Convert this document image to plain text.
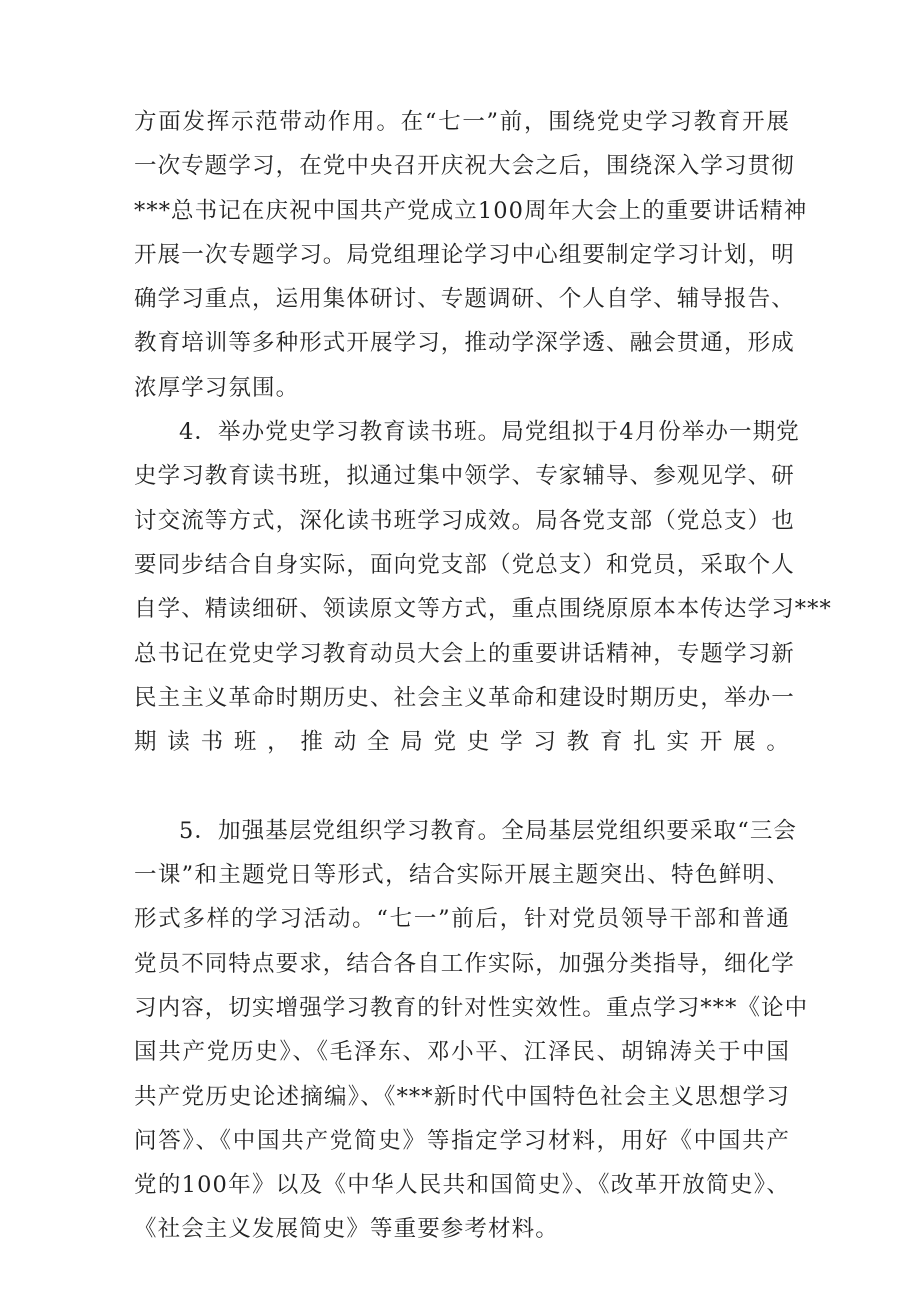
方面发挥示范带动作用。在“七一”前，围绕党史学习教育开展
一次专题学习，在党中央召开庆祝大会之后，围绕深入学习贯彻
***总书记在庆祝中国共产党成立100周年大会上的重要讲话精神
开展一次专题学习。局党组理论学习中心组要制定学习计划，明
确学习重点，运用集体研讨、专题调研、个人自学、辅导报告、
教育培训等多种形式开展学习，推动学深学透、融会贯通，形成
浓厚学习氛围。
4．举办党史学习教育读书班。局党组拟于4月份举办一期党
史学习教育读书班，拟通过集中领学、专家辅导、参观见学、研
讨交流等方式，深化读书班学习成效。局各党支部（党总支）也
要同步结合自身实际，面向党支部（党总支）和党员，采取个人
自学、精读细研、领读原文等方式，重点围绕原原本本传达学习***
总书记在党史学习教育动员大会上的重要讲话精神，专题学习新
民主主义革命时期历史、社会主义革命和建设时期历史，举办一
期读书班，推动全局党史学习教育扎实开展。
5．加强基层党组织学习教育。全局基层党组织要采取“三会
一课”和主题党日等形式，结合实际开展主题突出、特色鲜明、
形式多样的学习活动。“七一”前后，针对党员领导干部和普通
党员不同特点要求，结合各自工作实际，加强分类指导，细化学
习内容，切实增强学习教育的针对性实效性。重点学习***《论中
国共产党历史》、《毛泽东、邓小平、江泽民、胡锦涛关于中国
共产党历史论述摘编》、《***新时代中国特色社会主义思想学习
问答》、《中国共产党简史》等指定学习材料，用好《中国共产
党的100年》以及《中华人民共和国简史》、《改革开放简史》、
《社会主义发展简史》等重要参考材料。
